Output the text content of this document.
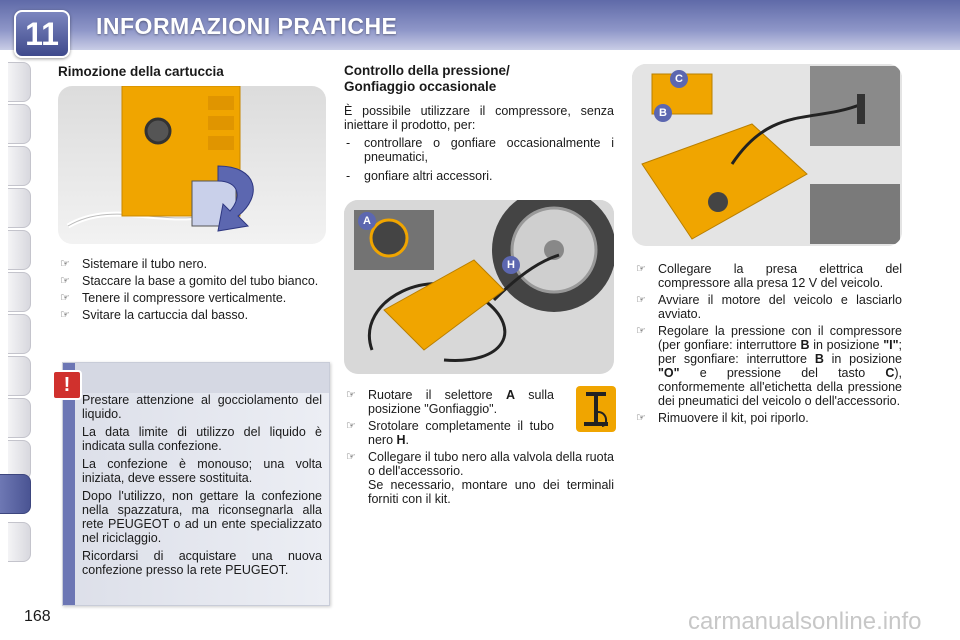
11	INFORMAZIONI PRATICHE
Rimozione della cartuccia
☞ Sistemare il tubo nero.
☞ Staccare la base a gomito del tubo bianco.
☞ Tenere il compressore verticalmente.
☞ Svitare la cartuccia dal basso.
!

Prestare attenzione al gocciolamento del liquido.

La data limite di utilizzo del liquido è indicata sulla confezione.

La confezione è monouso; una volta iniziata, deve essere sostituita.

Dopo l'utilizzo, non gettare la confezione nella spazzatura, ma riconsegnarla alla rete PEUGEOT o ad un ente specializzato nel riciclaggio.

Ricordarsi di acquistare una nuova confezione presso la rete PEUGEOT.

Controllo della pressione/
Gonfiaggio occasionale

È possibile utilizzare il compressore, senza iniettare il prodotto, per:

- controllare o gonfiare occasionalmente i pneumatici,
- gonfiare altri accessori.
A
H
☞ Ruotare il selettore A sulla posizione "Gonfiaggio".
☞ Srotolare completamente il tubo nero H.
☞ Collegare il tubo nero alla valvola della ruota o dell'accessorio.
Se necessario, montare uno dei terminali forniti con il kit.
C
B
☞ Collegare la presa elettrica del compressore alla presa 12 V del veicolo.
☞ Avviare il motore del veicolo e lasciarlo avviato.
☞ Regolare la pressione con il compressore (per gonfiare: interruttore B in posizione "I"; per sgonfiare: interruttore B in posizione "O" e pressione del tasto C), conformemente all'etichetta della pressione dei pneumatici del veicolo o dell'accessorio.
☞ Rimuovere il kit, poi riporlo.
168	carmanualsonline.info
